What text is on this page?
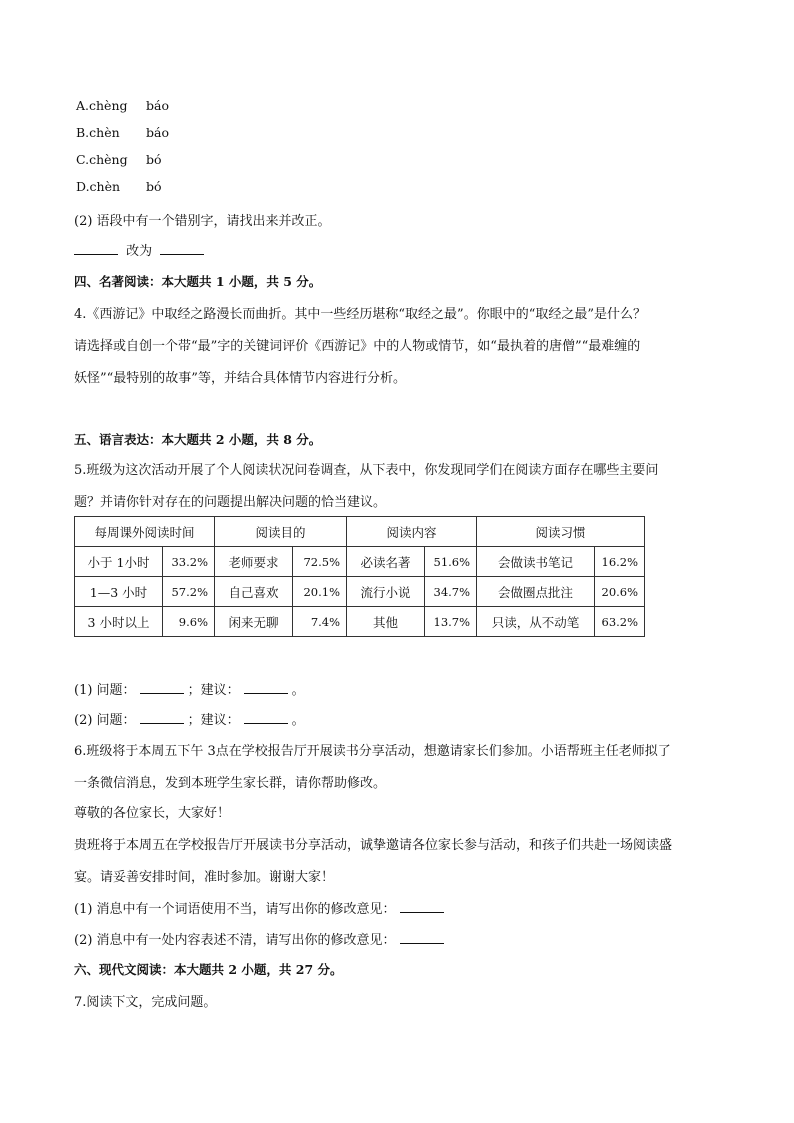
A.chèng báo
B.chèn báo
C.chèng bó
D.chèn bó
(2) 语段中有一个错别字，请找出来并改正。
改为
四、名著阅读：本大题共 1 小题，共 5 分。
4.《西游记》中取经之路漫长而曲折。其中一些经历堪称“取经之最”。你眼中的“取经之最”是什么？
请选择或自创一个带“最”字的关键词评价《西游记》中的人物或情节，如“最执着的唐僧”“最难缠的
妖怪”“最特别的故事”等，并结合具体情节内容进行分析。
五、语言表达：本大题共 2 小题，共 8 分。
5.班级为这次活动开展了个人阅读状况问卷调查，从下表中，你发现同学们在阅读方面存在哪些主要问
题？并请你针对存在的问题提出解决问题的恰当建议。
每周课外阅读时间		阅读目的		阅读内容		阅读习惯	
小于 1小时	33.2%	老师要求	72.5%	必读名著	51.6%	会做读书笔记	16.2%
1—3 小时	57.2%	自己喜欢	20.1%	流行小说	34.7%	会做圈点批注	20.6%
3 小时以上	9.6%	闲来无聊	7.4%	其他	13.7%	只读，从不动笔	63.2%
(1) 问题：	；建议：	。
(2) 问题：	；建议：	。
6.班级将于本周五下午 3点在学校报告厅开展读书分享活动，想邀请家长们参加。小语帮班主任老师拟了
一条微信消息，发到本班学生家长群，请你帮助修改。
尊敬的各位家长，大家好！
贵班将于本周五在学校报告厅开展读书分享活动，诚挚邀请各位家长参与活动，和孩子们共赴一场阅读盛
宴。请妥善安排时间，准时参加。谢谢大家！
(1) 消息中有一个词语使用不当，请写出你的修改意见：
(2) 消息中有一处内容表述不清，请写出你的修改意见：
六、现代文阅读：本大题共 2 小题，共 27 分。
7.阅读下文，完成问题。
